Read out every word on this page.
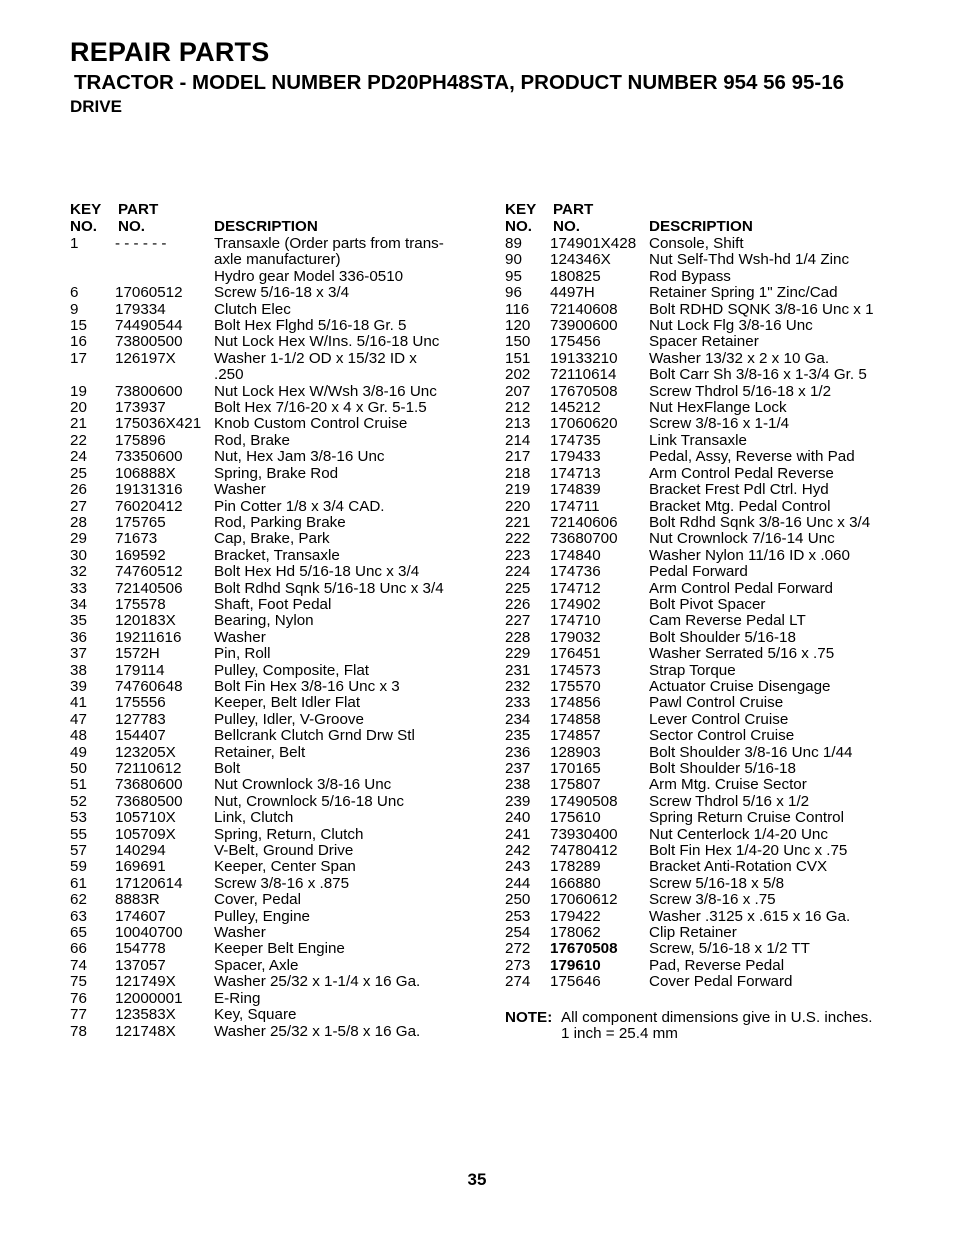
REPAIR PARTS
TRACTOR - MODEL NUMBER PD20PH48STA, PRODUCT NUMBER 954 56 95-16
DRIVE
KEY
NO.
PART
NO.	DESCRIPTION
1 - - - - - -	Transaxle (Order parts from trans-
axle manufacturer)
Hydro gear Model 336-0510
6 17060512 Screw 5/16-18 x 3/4
9 179334	Clutch Elec
15 74490544 Bolt Hex Flghd 5/16-18 Gr. 5
16 73800500 Nut Lock Hex W/Ins. 5/16-18 Unc
17 126197X	Washer 1-1/2 OD x 15/32 ID x
.250
19 73800600 Nut Lock Hex W/Wsh 3/8-16 Unc
20 173937	Bolt Hex 7/16-20 x 4 x Gr. 5-1.5
21 175036X421 Knob Custom Control Cruise
22 175896	Rod, Brake
24 73350600 Nut, Hex Jam 3/8-16 Unc
25 106888X	Spring, Brake Rod
26 19131316 Washer
27 76020412 Pin Cotter 1/8 x 3/4 CAD.
28 175765	Rod, Parking Brake
29 71673	Cap, Brake, Park
30 169592	Bracket, Transaxle
32 74760512 Bolt Hex Hd 5/16-18 Unc x 3/4
33 72140506 Bolt Rdhd Sqnk 5/16-18 Unc x 3/4
34 175578	Shaft, Foot Pedal
35 120183X	Bearing, Nylon
36 19211616 Washer
37 1572H	Pin, Roll
38 179114	Pulley, Composite, Flat
39 74760648 Bolt Fin Hex 3/8-16 Unc x 3
41 175556	Keeper, Belt Idler Flat
47 127783	Pulley, Idler, V-Groove
48 154407	Bellcrank Clutch Grnd Drw Stl
49 123205X	Retainer, Belt
50 72110612 Bolt
51 73680600 Nut Crownlock 3/8-16 Unc
52 73680500 Nut, Crownlock 5/16-18 Unc
53 105710X	Link, Clutch
55 105709X	Spring, Return, Clutch
57 140294	V-Belt, Ground Drive
59 169691	Keeper, Center Span
61 17120614 Screw 3/8-16 x .875
62 8883R	Cover, Pedal
63 174607	Pulley, Engine
65 10040700 Washer
66 154778	Keeper Belt Engine
74 137057	Spacer, Axle
75 121749X	Washer 25/32 x 1-1/4 x 16 Ga.
76 12000001 E-Ring
77 123583X	Key, Square
78 121748X	Washer 25/32 x 1-5/8 x 16 Ga.
KEY
NO.
PART
NO.	DESCRIPTION
89 174901X428 Console, Shift
90 124346X	Nut Self-Thd Wsh-hd 1/4 Zinc
95 180825	Rod Bypass
96 4497H	Retainer Spring 1" Zinc/Cad
116 72140608 Bolt RDHD SQNK 3/8-16 Unc x 1
120 73900600 Nut Lock Flg 3/8-16 Unc
150 175456	Spacer Retainer
151 19133210 Washer 13/32 x 2 x 10 Ga.
202 72110614 Bolt Carr Sh 3/8-16 x 1-3/4 Gr. 5
207 17670508 Screw Thdrol 5/16-18 x 1/2
212 145212	Nut HexFlange Lock
213 17060620 Screw 3/8-16 x 1-1/4
214 174735	Link Transaxle
217 179433	Pedal, Assy, Reverse with Pad
218 174713	Arm Control Pedal Reverse
219 174839	Bracket Frest Pdl Ctrl. Hyd
220 174711	Bracket Mtg. Pedal Control
221 72140606 Bolt Rdhd Sqnk 3/8-16 Unc x 3/4
222 73680700 Nut Crownlock 7/16-14 Unc
223 174840	Washer Nylon 11/16 ID x .060
224 174736	Pedal Forward
225 174712	Arm Control Pedal Forward
226 174902	Bolt Pivot Spacer
227 174710	Cam Reverse Pedal LT
228 179032	Bolt Shoulder 5/16-18
229 176451	Washer Serrated 5/16 x .75
231 174573	Strap Torque
232 175570	Actuator Cruise Disengage
233 174856	Pawl Control Cruise
234 174858	Lever Control Cruise
235 174857	Sector Control Cruise
236 128903	Bolt Shoulder 3/8-16 Unc 1/44
237 170165	Bolt Shoulder 5/16-18
238 175807	Arm Mtg. Cruise Sector
239 17490508 Screw Thdrol 5/16 x 1/2
240 175610	Spring Return Cruise Control
241 73930400 Nut Centerlock 1/4-20 Unc
242 74780412 Bolt Fin Hex 1/4-20 Unc x .75
243 178289	Bracket Anti-Rotation CVX
244 166880	Screw 5/16-18 x 5/8
250 17060612 Screw 3/8-16 x .75
253 179422	Washer .3125 x .615 x 16 Ga.
254 178062	Clip Retainer
272 17670508 Screw, 5/16-18 x 1/2 TT
273 179610	Pad, Reverse Pedal
274 175646	Cover Pedal Forward
NOTE: All component dimensions give in U.S. inches.
1 inch = 25.4 mm
35
